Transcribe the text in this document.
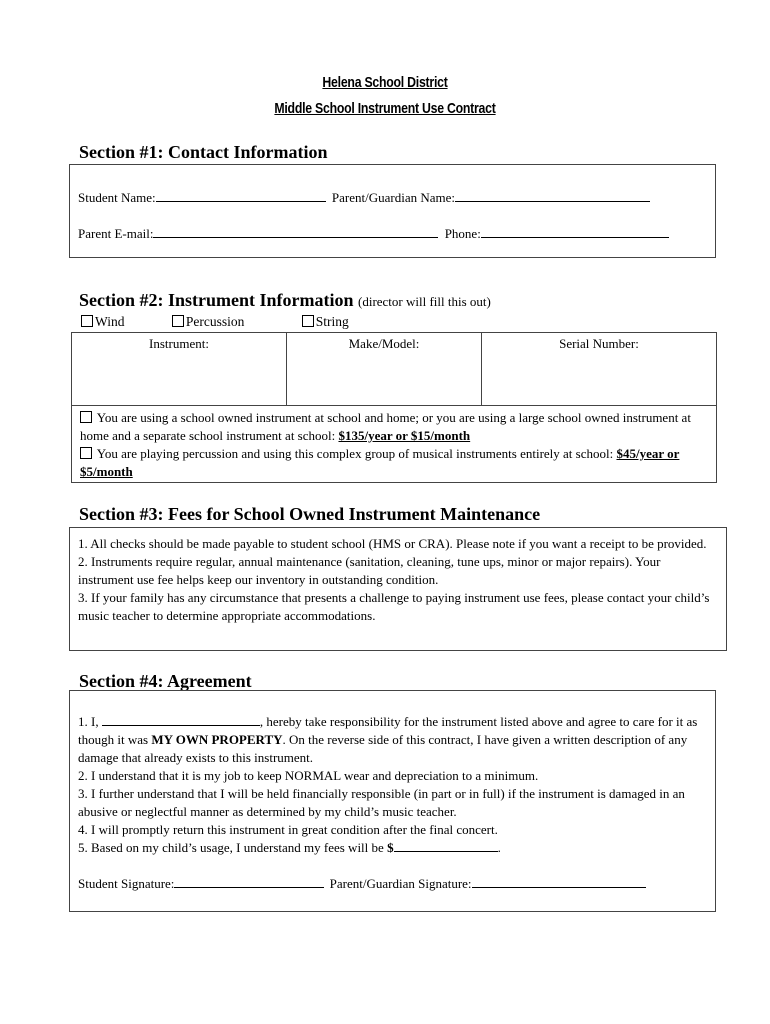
Helena School District
Middle School Instrument Use Contract
Section #1: Contact Information
Student Name:	Parent/Guardian Name:
Parent E-mail:	Phone:
Section #2: Instrument Information (director will fill this out)
Wind	Percussion	String
Instrument:	Make/Model:	Serial Number:
You are using a school owned instrument at school and home; or you are using a large school owned instrument at home and a separate school instrument at school: $135/year or $15/month
You are playing percussion and using this complex group of musical instruments entirely at school: $45/year or $5/month
Section #3: Fees for School Owned Instrument Maintenance
1. All checks should be made payable to student school (HMS or CRA). Please note if you want a receipt to be provided.
2. Instruments require regular, annual maintenance (sanitation, cleaning, tune ups, minor or major repairs). Your instrument use fee helps keep our inventory in outstanding condition.
3. If your family has any circumstance that presents a challenge to paying instrument use fees, please contact your child’s music teacher to determine appropriate accommodations.
Section #4: Agreement
1. I,	, hereby take responsibility for the instrument listed above and agree to care for it as though it was MY OWN PROPERTY. On the reverse side of this contract, I have given a written description of any damage that already exists to this instrument.
2. I understand that it is my job to keep NORMAL wear and depreciation to a minimum.
3. I further understand that I will be held financially responsible (in part or in full) if the instrument is damaged in an abusive or neglectful manner as determined by my child’s music teacher.
4. I will promptly return this instrument in great condition after the final concert.
5. Based on my child’s usage, I understand my fees will be $	.
Student Signature:	Parent/Guardian Signature:
